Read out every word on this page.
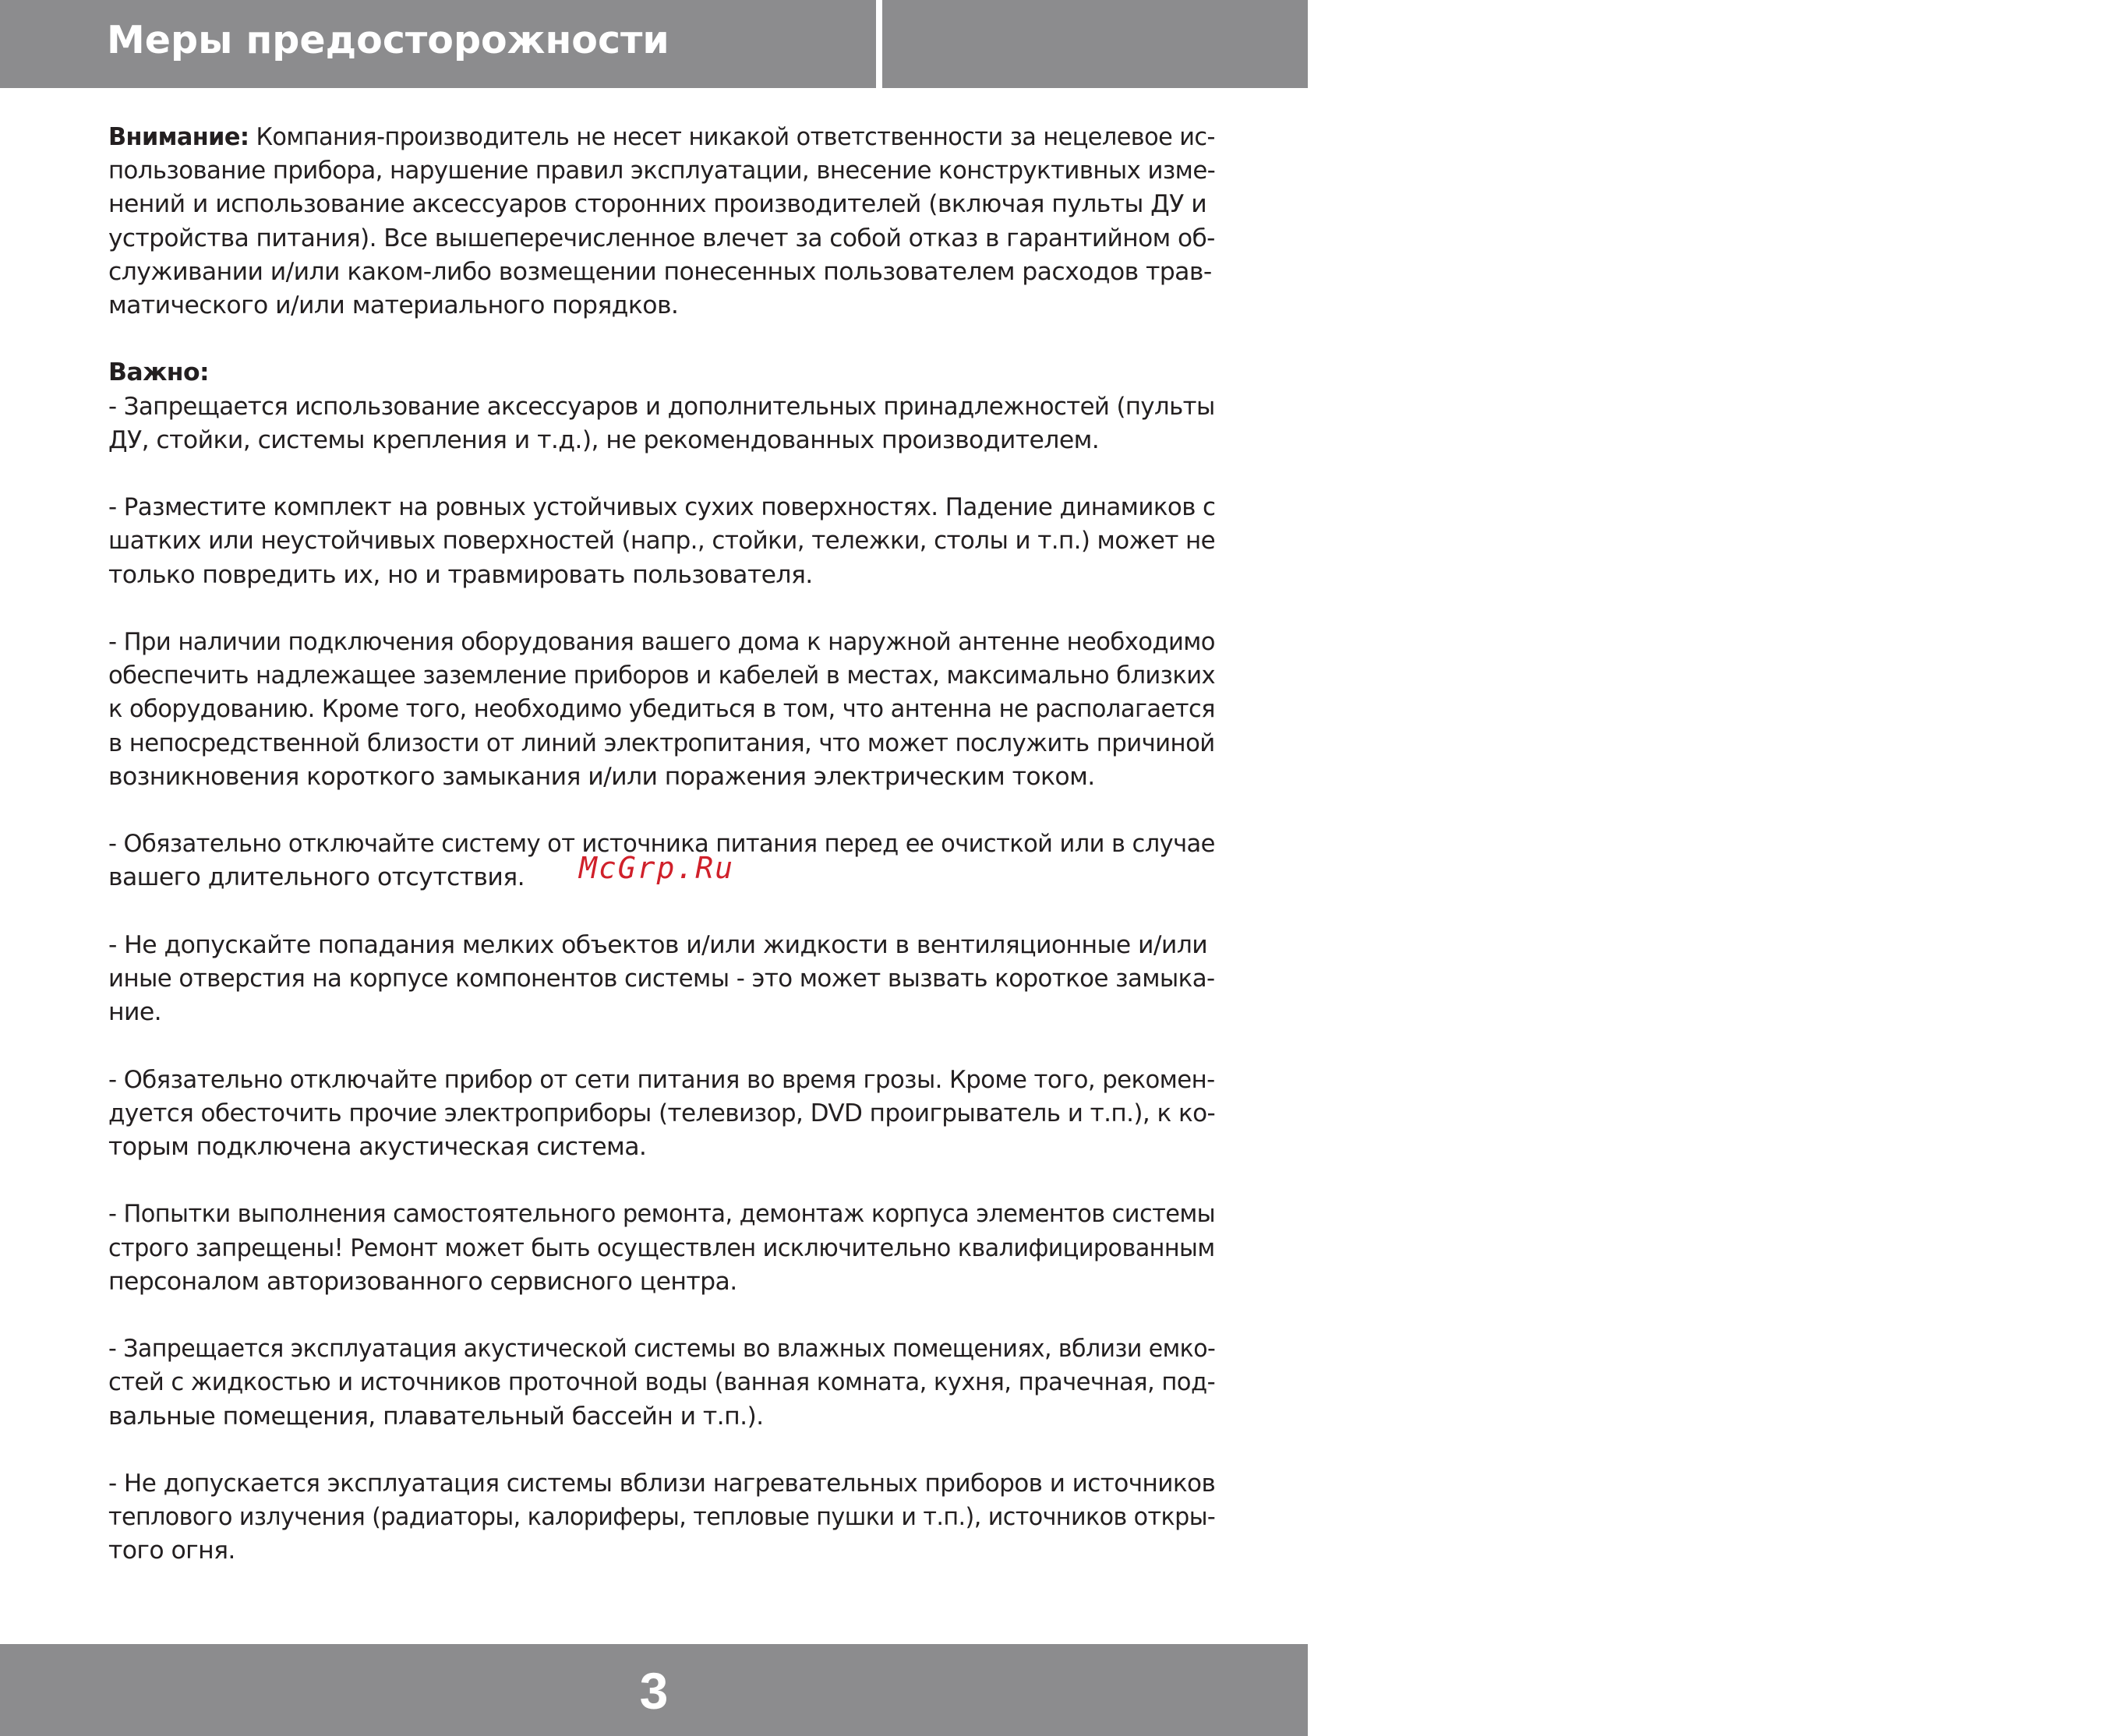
Меры предосторожности	HOLLEBERG
Внимание: Компания-производитель не несет никакой ответственности за нецелевое ис-
пользование прибора, нарушение правил эксплуатации, внесение конструктивных изме-
нений и использование аксессуаров сторонних производителей (включая пульты ДУ и
устройства питания). Все вышеперечисленное влечет за собой отказ в гарантийном об-
служивании и/или каком-либо возмещении понесенных пользователем расходов трав-
матического и/или материального порядков.
Важно:
- Запрещается использование аксессуаров и дополнительных принадлежностей (пульты
ДУ, стойки, системы крепления и т.д.), не рекомендованных производителем.
- Разместите комплект на ровных устойчивых сухих поверхностях. Падение динамиков с
шатких или неустойчивых поверхностей (напр., стойки, тележки, столы и т.п.) может не
только повредить их, но и травмировать пользователя.
- При наличии подключения оборудования вашего дома к наружной антенне необходимо
обеспечить надлежащее заземление приборов и кабелей в местах, максимально близких
к оборудованию. Кроме того, необходимо убедиться в том, что антенна не располагается
в непосредственной близости от линий электропитания, что может послужить причиной
возникновения короткого замыкания и/или поражения электрическим током.
- Обязательно отключайте систему от источника питания перед ее очисткой или в случае
вашего длительного отсутствия.
- Не допускайте попадания мелких объектов и/или жидкости в вентиляционные и/или
иные отверстия на корпусе компонентов системы - это может вызвать короткое замыка-
ние.
- Обязательно отключайте прибор от сети питания во время грозы. Кроме того, рекомен-
дуется обесточить прочие электроприборы (телевизор, DVD проигрыватель и т.п.), к ко-
торым подключена акустическая система.
- Попытки выполнения самостоятельного ремонта, демонтаж корпуса элементов системы
строго запрещены! Ремонт может быть осуществлен исключительно квалифицированным
персоналом авторизованного сервисного центра.
- Запрещается эксплуатация акустической системы во влажных помещениях, вблизи емко-
стей с жидкостью и источников проточной воды (ванная комната, кухня, прачечная, под-
вальные помещения, плавательный бассейн и т.п.).
- Не допускается эксплуатация системы вблизи нагревательных приборов и источников
теплового излучения (радиаторы, калориферы, тепловые пушки и т.п.), источников откры-
того огня.
McGrp.Ru
3
